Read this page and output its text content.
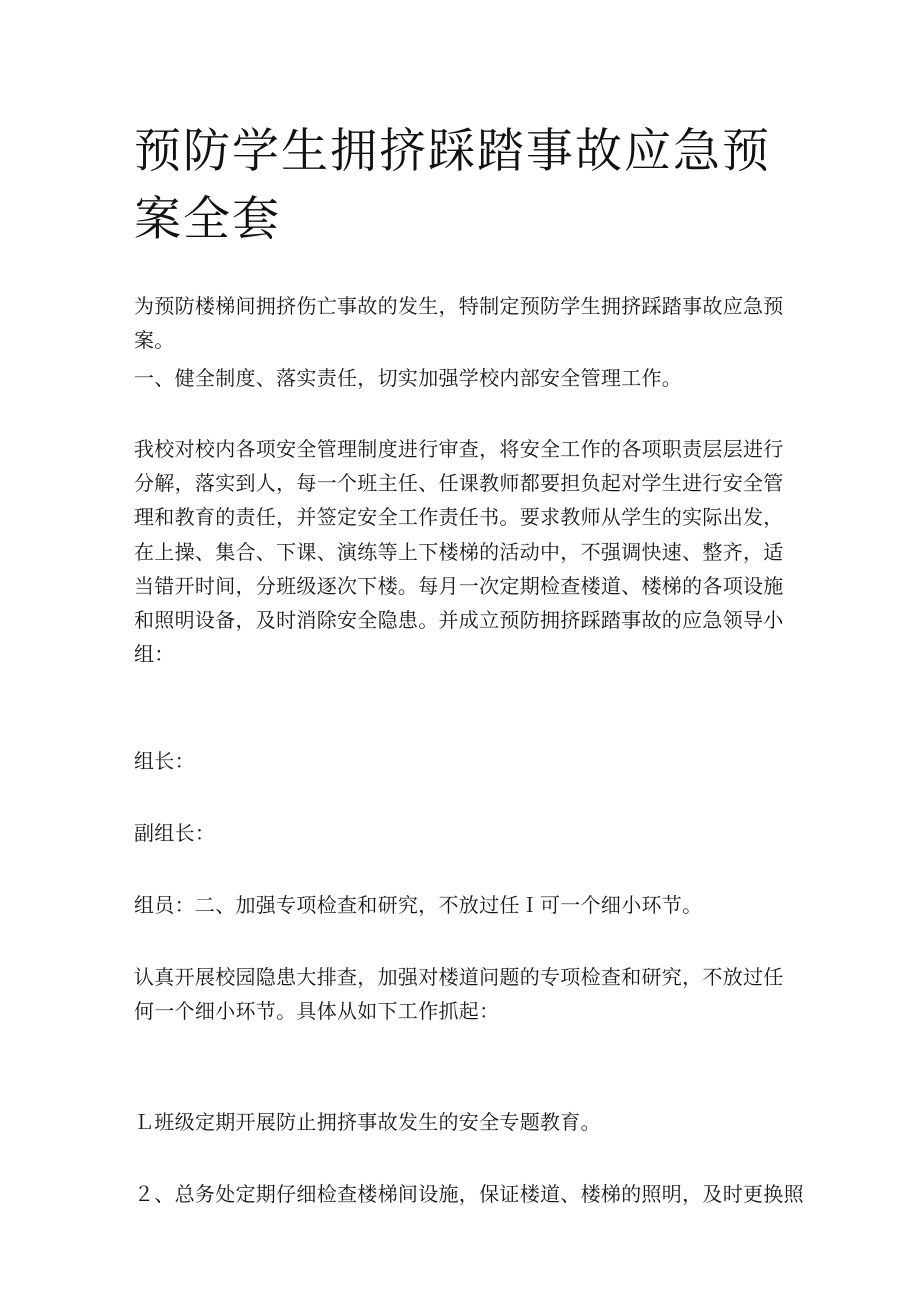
预防学生拥挤踩踏事故应急预案全套

为预防楼梯间拥挤伤亡事故的发生，特制定预防学生拥挤踩踏事故应急预案。

一、健全制度、落实责任，切实加强学校内部安全管理工作。

我校对校内各项安全管理制度进行审查，将安全工作的各项职责层层进行分解，落实到人，每一个班主任、任课教师都要担负起对学生进行安全管理和教育的责任，并签定安全工作责任书。要求教师从学生的实际出发，在上操、集合、下课、演练等上下楼梯的活动中，不强调快速、整齐，适当错开时间，分班级逐次下楼。每月一次定期检查楼道、楼梯的各项设施和照明设备，及时消除安全隐患。并成立预防拥挤踩踏事故的应急领导小组：

组长：

副组长：

组员：二、加强专项检查和研究，不放过任Ｉ可一个细小环节。

认真开展校园隐患大排查，加强对楼道问题的专项检查和研究，不放过任何一个细小环节。具体从如下工作抓起：

Ｌ班级定期开展防止拥挤事故发生的安全专题教育。

２、总务处定期仔细检查楼梯间设施，保证楼道、楼梯的照明，及时更换照
